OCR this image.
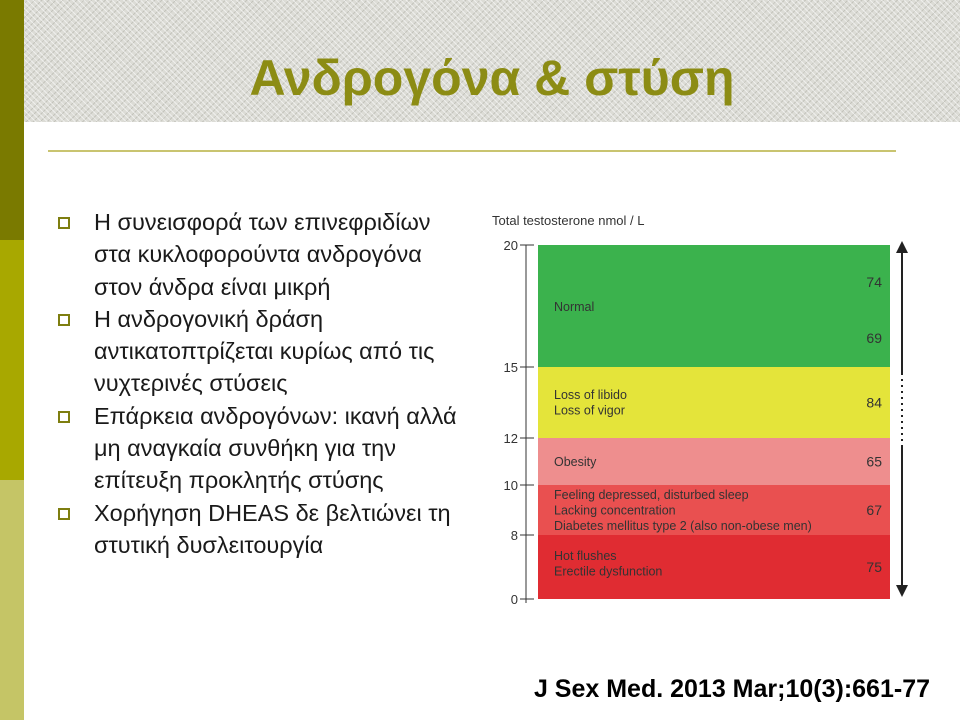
Ανδρογόνα & στύση
Η συνεισφορά των επινεφριδίων στα κυκλοφορούντα ανδρογόνα στον άνδρα είναι μικρή
Η ανδρογονική δράση αντικατοπτρίζεται κυρίως από τις νυχτερινές στύσεις
Επάρκεια ανδρογόνων: ικανή αλλά μη αναγκαία συνθήκη για την επίτευξη προκλητής στύσης
Χορήγηση DHEAS δε βελτιώνει τη στυτική δυσλειτουργία
Total testosterone nmol / L
0
8
10
12
15
20
Normal
74
69
Loss of libido
Loss of vigor	84
Obesity	65
Feeling depressed, disturbed sleep
Lacking concentration
Diabetes mellitus type 2 (also non-obese men)
67
Hot flushes
Erectile dysfunction	75
J Sex Med. 2013 Mar;10(3):661-77
